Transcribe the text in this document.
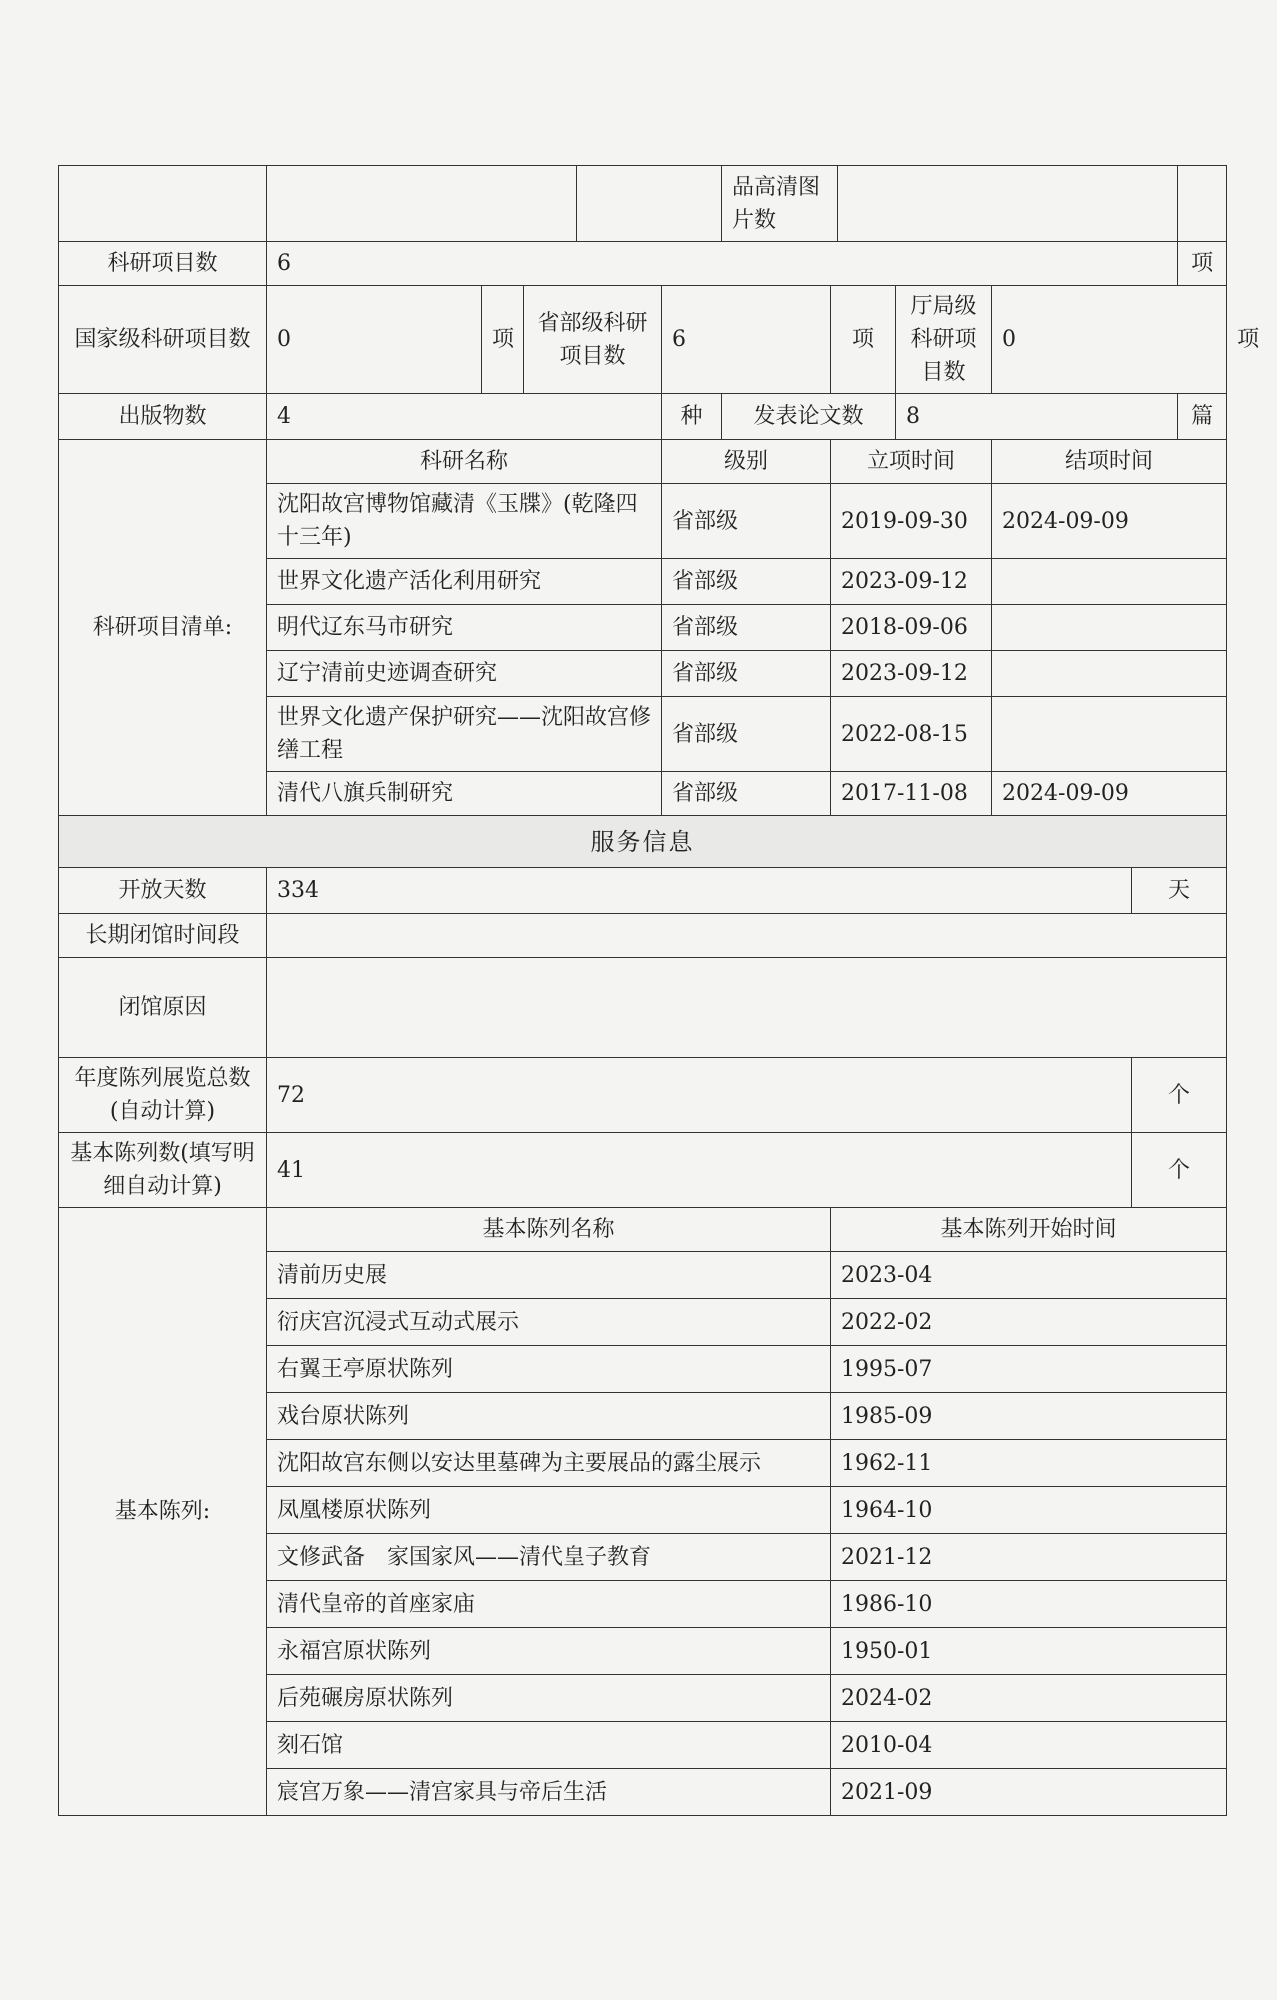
						品高清图片数							
科研项目数	6											项	
国家级科研项目数	0	项	省部级科研项目数		6		项		厅局级科研项目数	0			项
出版物数	4				种	发表论文数			8			篇	
科研项目清单:	科研名称				级别		立项时间			结项时间			
	沈阳故宫博物馆藏清《玉牒》(乾隆四十三年)				省部级		2019-09-30			2024-09-09			
	世界文化遗产活化利用研究				省部级		2023-09-12						
	明代辽东马市研究				省部级		2018-09-06						
	辽宁清前史迹调查研究				省部级		2023-09-12						
	世界文化遗产保护研究——沈阳故宫修缮工程				省部级		2022-08-15						
	清代八旗兵制研究				省部级		2017-11-08			2024-09-09			
服务信息													
开放天数	334										天		
长期闭馆时间段													
闭馆原因													
年度陈列展览总数(自动计算)	72										个		
基本陈列数(填写明细自动计算)	41										个		
基本陈列:	基本陈列名称						基本陈列开始时间						
	清前历史展						2023-04						
	衍庆宫沉浸式互动式展示						2022-02						
	右翼王亭原状陈列						1995-07						
	戏台原状陈列						1985-09						
	沈阳故宫东侧以安达里墓碑为主要展品的露尘展示						1962-11						
	凤凰楼原状陈列						1964-10						
	文修武备　家国家风——清代皇子教育						2021-12						
	清代皇帝的首座家庙						1986-10						
	永福宫原状陈列						1950-01						
	后苑碾房原状陈列						2024-02						
	刻石馆						2010-04						
	宸宫万象——清宫家具与帝后生活						2021-09						
